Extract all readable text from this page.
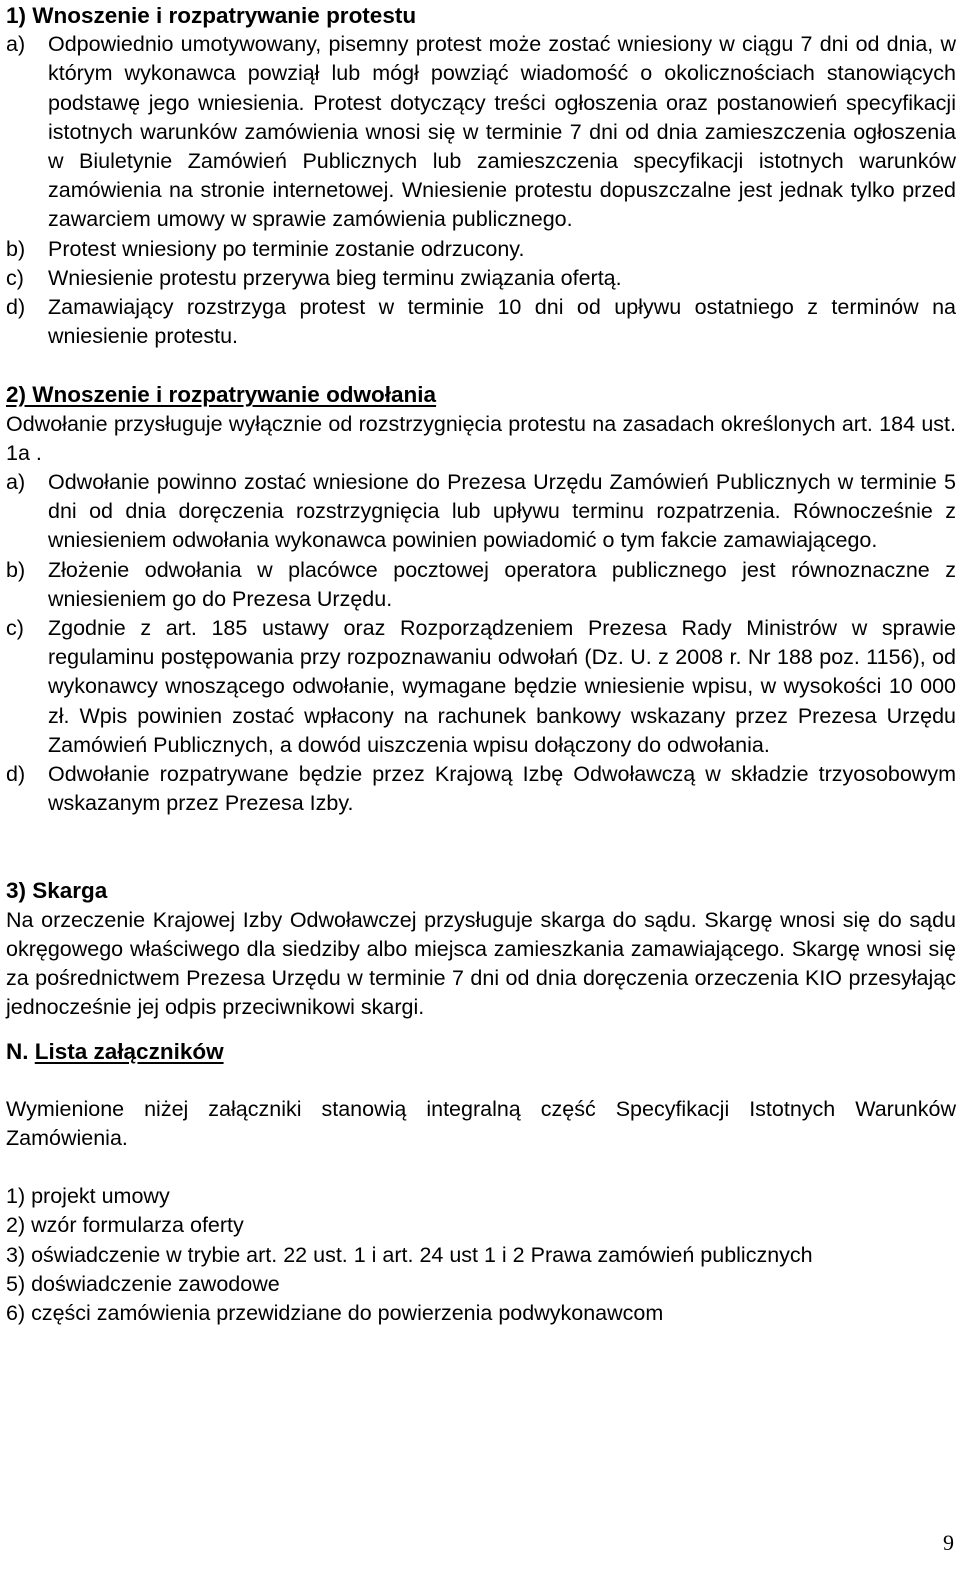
1) Wnoszenie i rozpatrywanie protestu

a)	Odpowiednio umotywowany, pisemny protest może zostać wniesiony w ciągu 7 dni od dnia, w którym wykonawca powziął lub mógł powziąć wiadomość o okolicznościach stanowiących podstawę jego wniesienia. Protest dotyczący treści ogłoszenia oraz postanowień specyfikacji istotnych warunków zamówienia wnosi się w terminie 7 dni od dnia zamieszczenia ogłoszenia w Biuletynie Zamówień Publicznych lub zamieszczenia specyfikacji istotnych warunków zamówienia na stronie internetowej. Wniesienie protestu dopuszczalne jest jednak tylko przed zawarciem umowy w sprawie zamówienia publicznego.
b)	Protest wniesiony po terminie zostanie odrzucony.
c)	Wniesienie protestu przerywa bieg terminu związania ofertą.
d)	Zamawiający rozstrzyga protest w terminie 10 dni od upływu ostatniego z terminów na wniesienie protestu.

2) Wnoszenie i rozpatrywanie odwołania

Odwołanie przysługuje wyłącznie od rozstrzygnięcia protestu na zasadach określonych art. 184 ust. 1a .

a)	Odwołanie powinno zostać wniesione do Prezesa Urzędu Zamówień Publicznych w terminie 5 dni od dnia doręczenia rozstrzygnięcia lub upływu terminu rozpatrzenia. Równocześnie z wniesieniem odwołania wykonawca powinien powiadomić o tym fakcie zamawiającego.
b)	Złożenie odwołania w placówce pocztowej operatora publicznego jest równoznaczne z wniesieniem go do Prezesa Urzędu.
c)	Zgodnie z art. 185 ustawy oraz Rozporządzeniem Prezesa Rady Ministrów w sprawie regulaminu postępowania przy rozpoznawaniu odwołań (Dz. U. z 2008 r. Nr 188 poz. 1156), od wykonawcy wnoszącego odwołanie, wymagane będzie wniesienie wpisu, w wysokości 10 000 zł. Wpis powinien zostać wpłacony na rachunek bankowy wskazany przez Prezesa Urzędu Zamówień Publicznych, a dowód uiszczenia wpisu dołączony do odwołania.
d)	Odwołanie rozpatrywane będzie przez Krajową Izbę Odwoławczą w składzie trzyosobowym wskazanym przez Prezesa Izby.

3) Skarga

Na orzeczenie Krajowej Izby Odwoławczej przysługuje skarga do sądu. Skargę wnosi się do sądu okręgowego właściwego dla siedziby albo miejsca zamieszkania zamawiającego. Skargę wnosi się za pośrednictwem Prezesa Urzędu w terminie 7 dni od dnia doręczenia orzeczenia KIO przesyłając jednocześnie jej odpis przeciwnikowi skargi.

N. Lista załączników

Wymienione niżej załączniki stanowią integralną część Specyfikacji Istotnych Warunków Zamówienia.

1) projekt umowy

2) wzór formularza oferty

3) oświadczenie w trybie art. 22 ust. 1 i art. 24 ust 1 i 2 Prawa zamówień publicznych

5) doświadczenie zawodowe

6) części zamówienia przewidziane do powierzenia podwykonawcom

9
